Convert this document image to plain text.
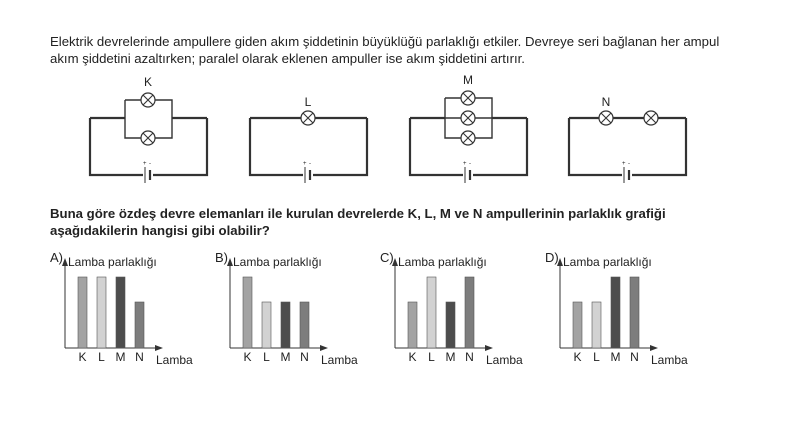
Elektrik devrelerinde ampullere giden akım şiddetinin büyüklüğü parlaklığı etkiler. Devreye seri bağlanan her ampul akım şiddetini azaltırken; paralel olarak eklenen ampuller ise akım şiddetini artırır.
+ -
K
+ -
L
+ -
M
+ -
N
Buna göre özdeş devre elemanları ile kurulan devrelerde K, L, M ve N ampullerinin parlaklık grafiği aşağıdakilerin hangisi gibi olabilir?
A) Lamba parlaklığı
Lamba
K L M N
B) Lamba parlaklığı
Lamba
K L M N
C) Lamba parlaklığı
Lamba
K L M N
D) Lamba parlaklığı
Lamba
K L M N
